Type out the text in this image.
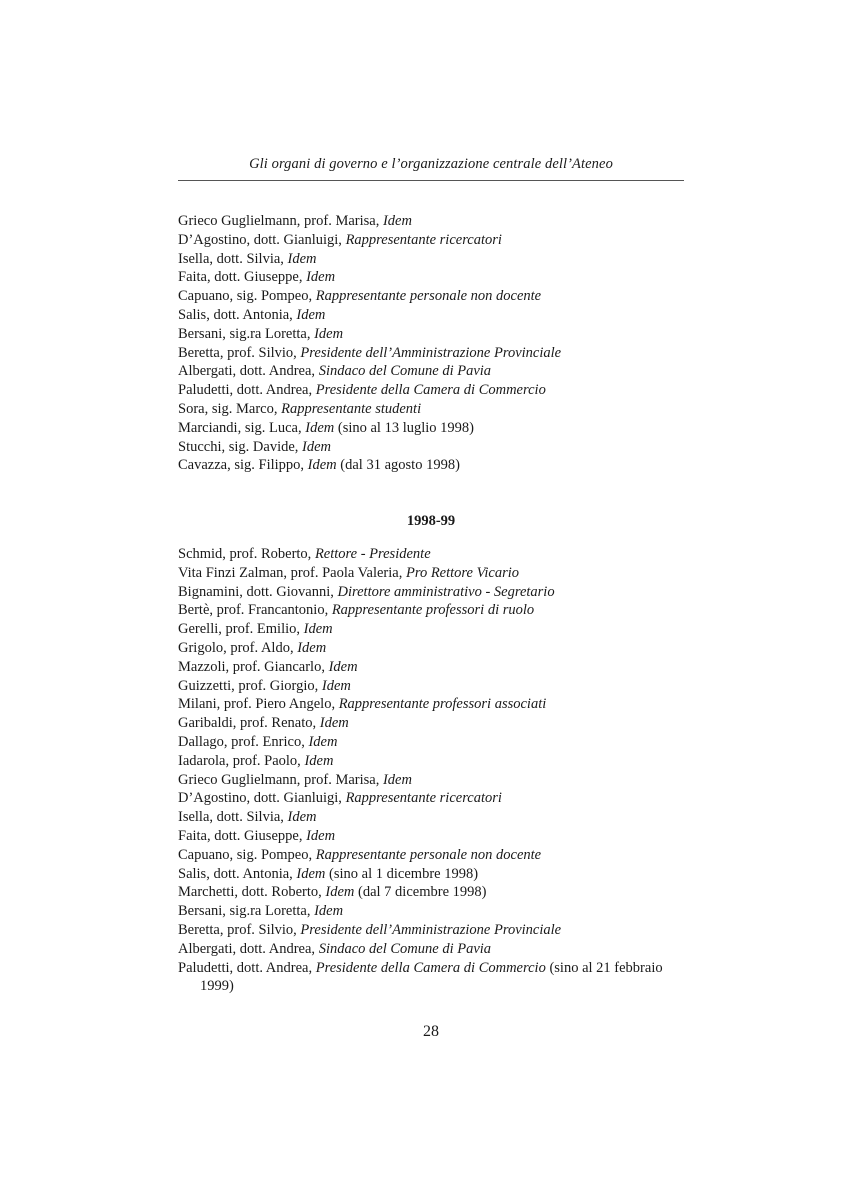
Gli organi di governo e l’organizzazione centrale dell’Ateneo
Grieco Guglielmann, prof. Marisa, Idem
D’Agostino, dott. Gianluigi, Rappresentante ricercatori
Isella, dott. Silvia, Idem
Faita, dott. Giuseppe, Idem
Capuano, sig. Pompeo, Rappresentante personale non docente
Salis, dott. Antonia, Idem
Bersani, sig.ra Loretta, Idem
Beretta, prof. Silvio, Presidente dell’Amministrazione Provinciale
Albergati, dott. Andrea, Sindaco del Comune di Pavia
Paludetti, dott. Andrea, Presidente della Camera di Commercio
Sora, sig. Marco, Rappresentante studenti
Marciandi, sig. Luca, Idem (sino al 13 luglio 1998)
Stucchi, sig. Davide, Idem
Cavazza, sig. Filippo, Idem (dal 31 agosto 1998)
1998-99
Schmid, prof. Roberto, Rettore - Presidente
Vita Finzi Zalman, prof. Paola Valeria, Pro Rettore Vicario
Bignamini, dott. Giovanni, Direttore amministrativo - Segretario
Bertè, prof. Francantonio, Rappresentante professori di ruolo
Gerelli, prof. Emilio, Idem
Grigolo, prof. Aldo, Idem
Mazzoli, prof. Giancarlo, Idem
Guizzetti, prof. Giorgio, Idem
Milani, prof. Piero Angelo, Rappresentante professori associati
Garibaldi, prof. Renato, Idem
Dallago, prof. Enrico, Idem
Iadarola, prof. Paolo, Idem
Grieco Guglielmann, prof. Marisa, Idem
D’Agostino, dott. Gianluigi, Rappresentante ricercatori
Isella, dott. Silvia, Idem
Faita, dott. Giuseppe, Idem
Capuano, sig. Pompeo, Rappresentante personale non docente
Salis, dott. Antonia, Idem (sino al 1 dicembre 1998)
Marchetti, dott. Roberto, Idem (dal 7 dicembre 1998)
Bersani, sig.ra Loretta, Idem
Beretta, prof. Silvio, Presidente dell’Amministrazione Provinciale
Albergati, dott. Andrea, Sindaco del Comune di Pavia
Paludetti, dott. Andrea, Presidente della Camera di Commercio (sino al 21 febbraio 1999)
28
